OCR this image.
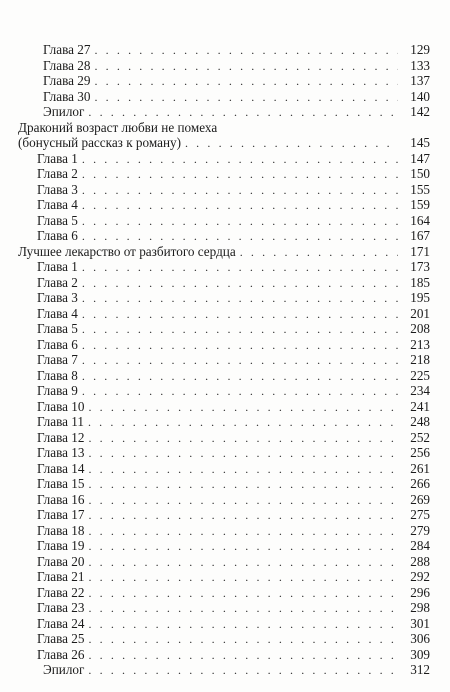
Глава 27 . . .	129
Глава 28 . . .	133
Глава 29 . . .	137
Глава 30 . . .	140
Эпилог . . .	142
Драконий возраст любви не помеха
(бонусный рассказ к роману) . . .	145
Глава 1 . . .	147
Глава 2 . . .	150
Глава 3 . . .	155
Глава 4 . . .	159
Глава 5 . . .	164
Глава 6 . . .	167
Лучшее лекарство от разбитого сердца . . .	171
Глава 1 . . .	173
Глава 2 . . .	185
Глава 3 . . .	195
Глава 4 . . .	201
Глава 5 . . .	208
Глава 6 . . .	213
Глава 7 . . .	218
Глава 8 . . .	225
Глава 9 . . .	234
Глава 10 . . .	241
Глава 11 . . .	248
Глава 12 . . .	252
Глава 13 . . .	256
Глава 14 . . .	261
Глава 15 . . .	266
Глава 16 . . .	269
Глава 17 . . .	275
Глава 18 . . .	279
Глава 19 . . .	284
Глава 20 . . .	288
Глава 21 . . .	292
Глава 22 . . .	296
Глава 23 . . .	298
Глава 24 . . .	301
Глава 25 . . .	306
Глава 26 . . .	309
Эпилог . . .	312
